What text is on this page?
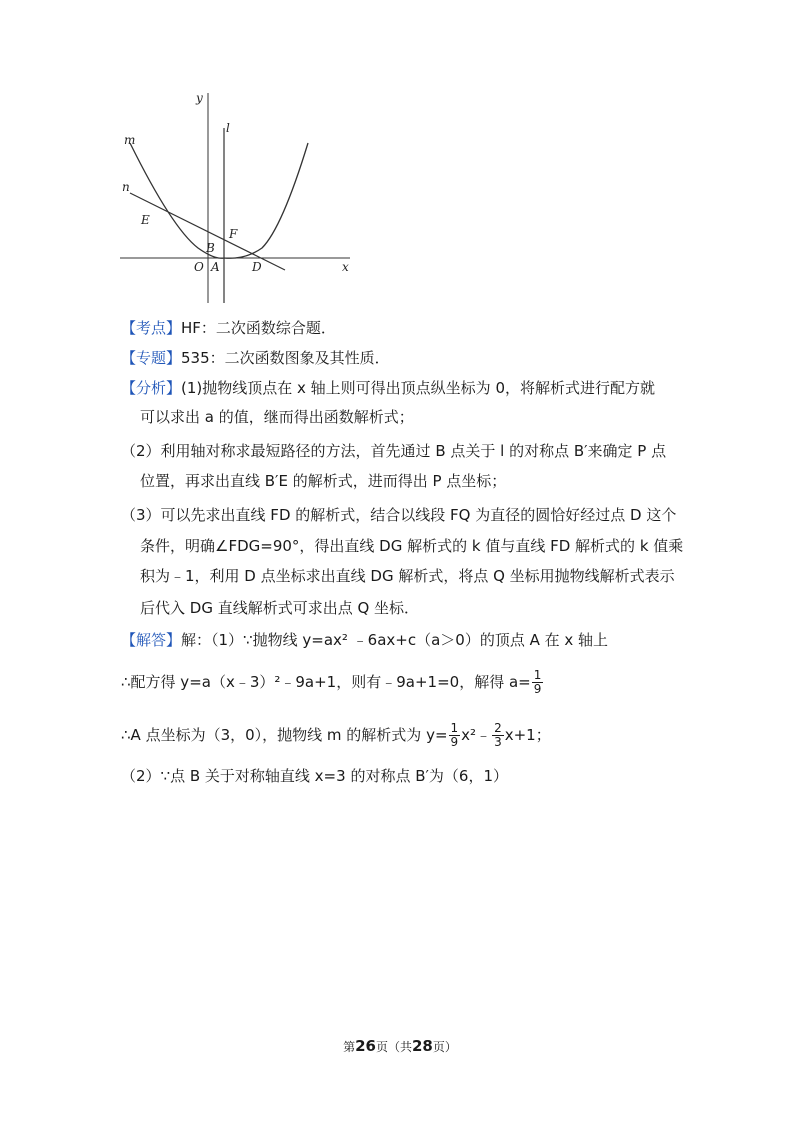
y
x
l
m
n
E
F
B
O A	D
【考点】HF：二次函数综合题．
【专题】535：二次函数图象及其性质．
【分析】(1)抛物线顶点在 x 轴上则可得出顶点纵坐标为 0，将解析式进行配方就
可以求出 a 的值，继而得出函数解析式；
（2）利用轴对称求最短路径的方法，首先通过 B 点关于 l 的对称点 B′来确定 P 点
位置，再求出直线 B′E 的解析式，进而得出 P 点坐标；
（3）可以先求出直线 FD 的解析式，结合以线段 FQ 为直径的圆恰好经过点 D 这个
条件，明确∠FDG=90°，得出直线 DG 解析式的 k 值与直线 FD 解析式的 k 值乘
积为﹣1，利用 D 点坐标求出直线 DG 解析式，将点 Q 坐标用抛物线解析式表示
后代入 DG 直线解析式可求出点 Q 坐标．
【解答】解：（1）∵抛物线 y=ax² ﹣6ax+c（a＞0）的顶点 A 在 x 轴上
∴配方得 y=a（x﹣3）²﹣9a+1，则有﹣9a+1=0，解得 $a= \frac{1}{9}$
∴A 点坐标为（3，0），抛物线 m 的解析式为 $y= \frac{1}{9}$ x²﹣ $\frac{2}{3} x+1$；
（2）∵点 B 关于对称轴直线 x=3 的对称点 B′为（6，1）
第26页（共28页）
